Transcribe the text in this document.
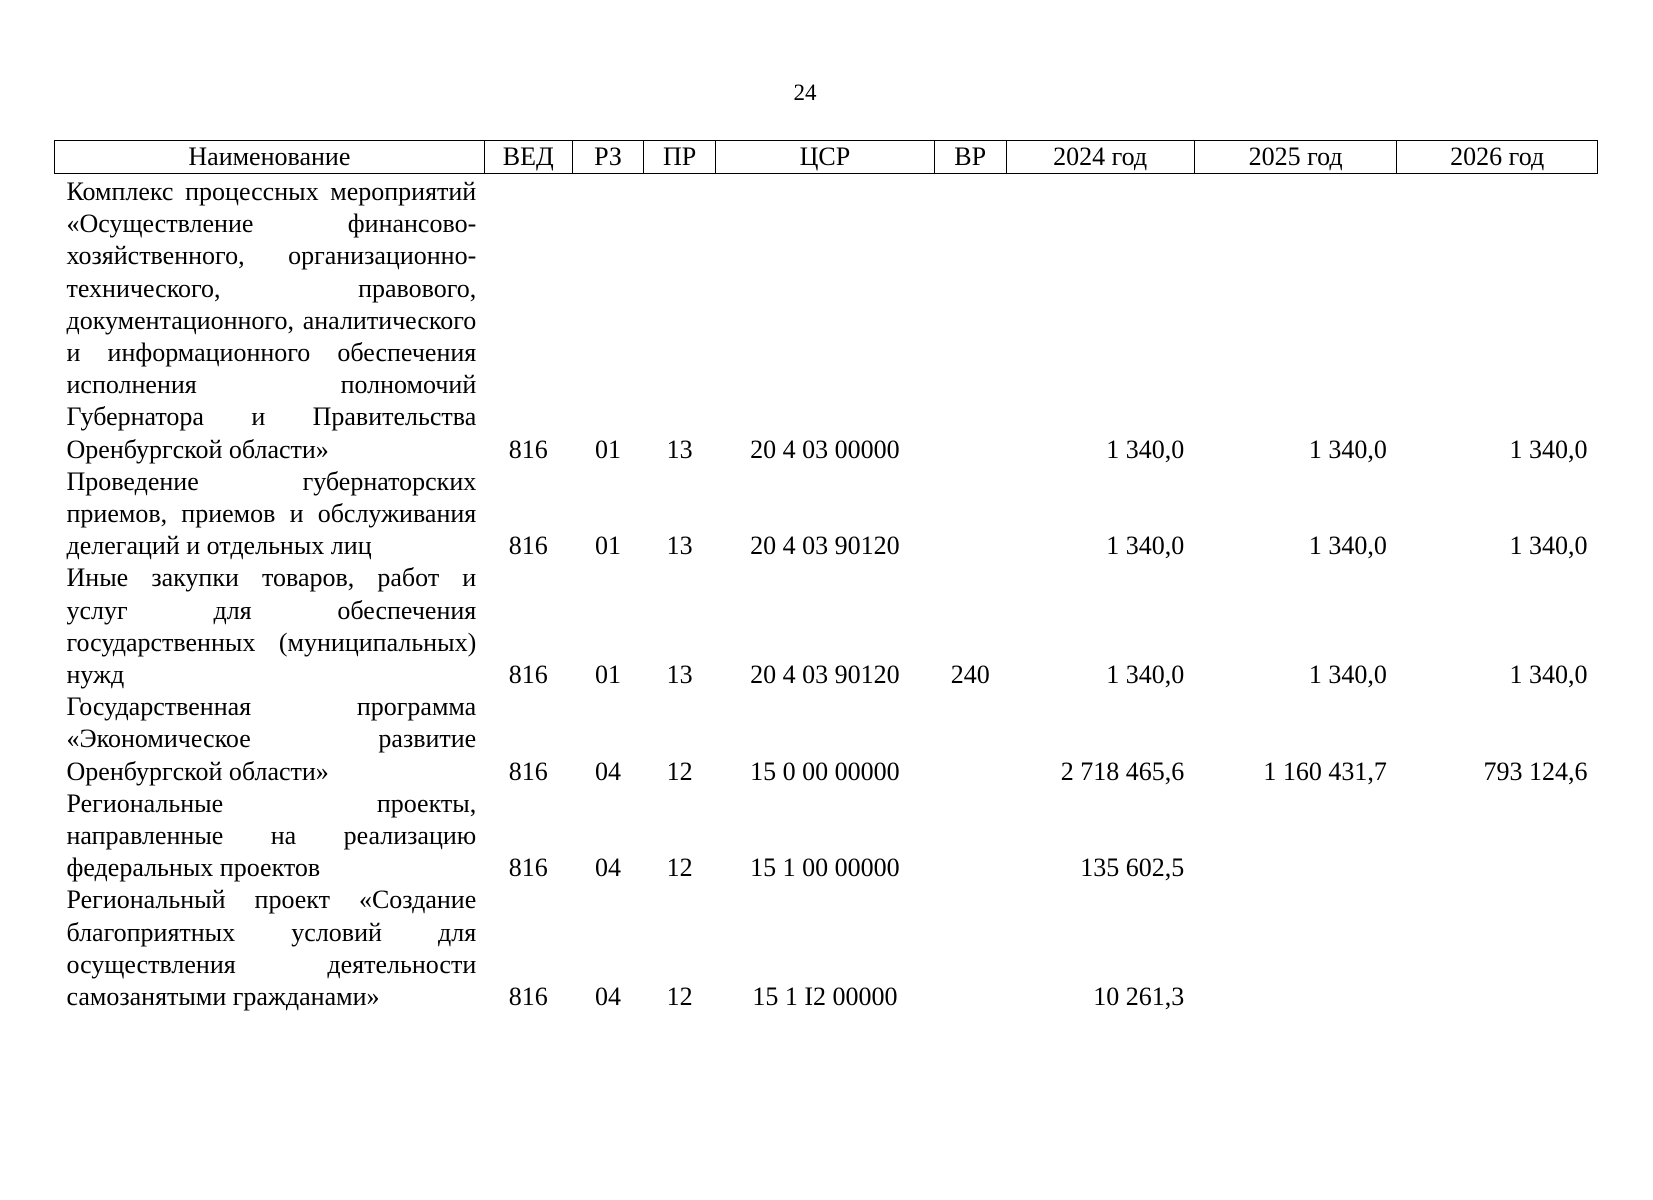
24
Наименование	ВЕД	РЗ	ПР	ЦСР	ВР	2024 год	2025 год	2026 год
Комплекс процессных мероприятий «Осуществление финансово-хозяйственного, организационно-технического, правового, документационного, аналитического и информационного обеспечения исполнения полномочий Губернатора и Правительства Оренбургской области»	816	01	13	20 4 03 00000		1 340,0	1 340,0	1 340,0
Проведение губернаторских приемов, приемов и обслуживания делегаций и отдельных лиц	816	01	13	20 4 03 90120		1 340,0	1 340,0	1 340,0
Иные закупки товаров, работ и услуг для обеспечения государственных (муниципальных) нужд	816	01	13	20 4 03 90120	240	1 340,0	1 340,0	1 340,0
Государственная программа «Экономическое развитие Оренбургской области»	816	04	12	15 0 00 00000		2 718 465,6	1 160 431,7	793 124,6
Региональные проекты, направленные на реализацию федеральных проектов	816	04	12	15 1 00 00000		135 602,5		
Региональный проект «Создание благоприятных условий для осуществления деятельности самозанятыми гражданами»	816	04	12	15 1 I2 00000		10 261,3		
